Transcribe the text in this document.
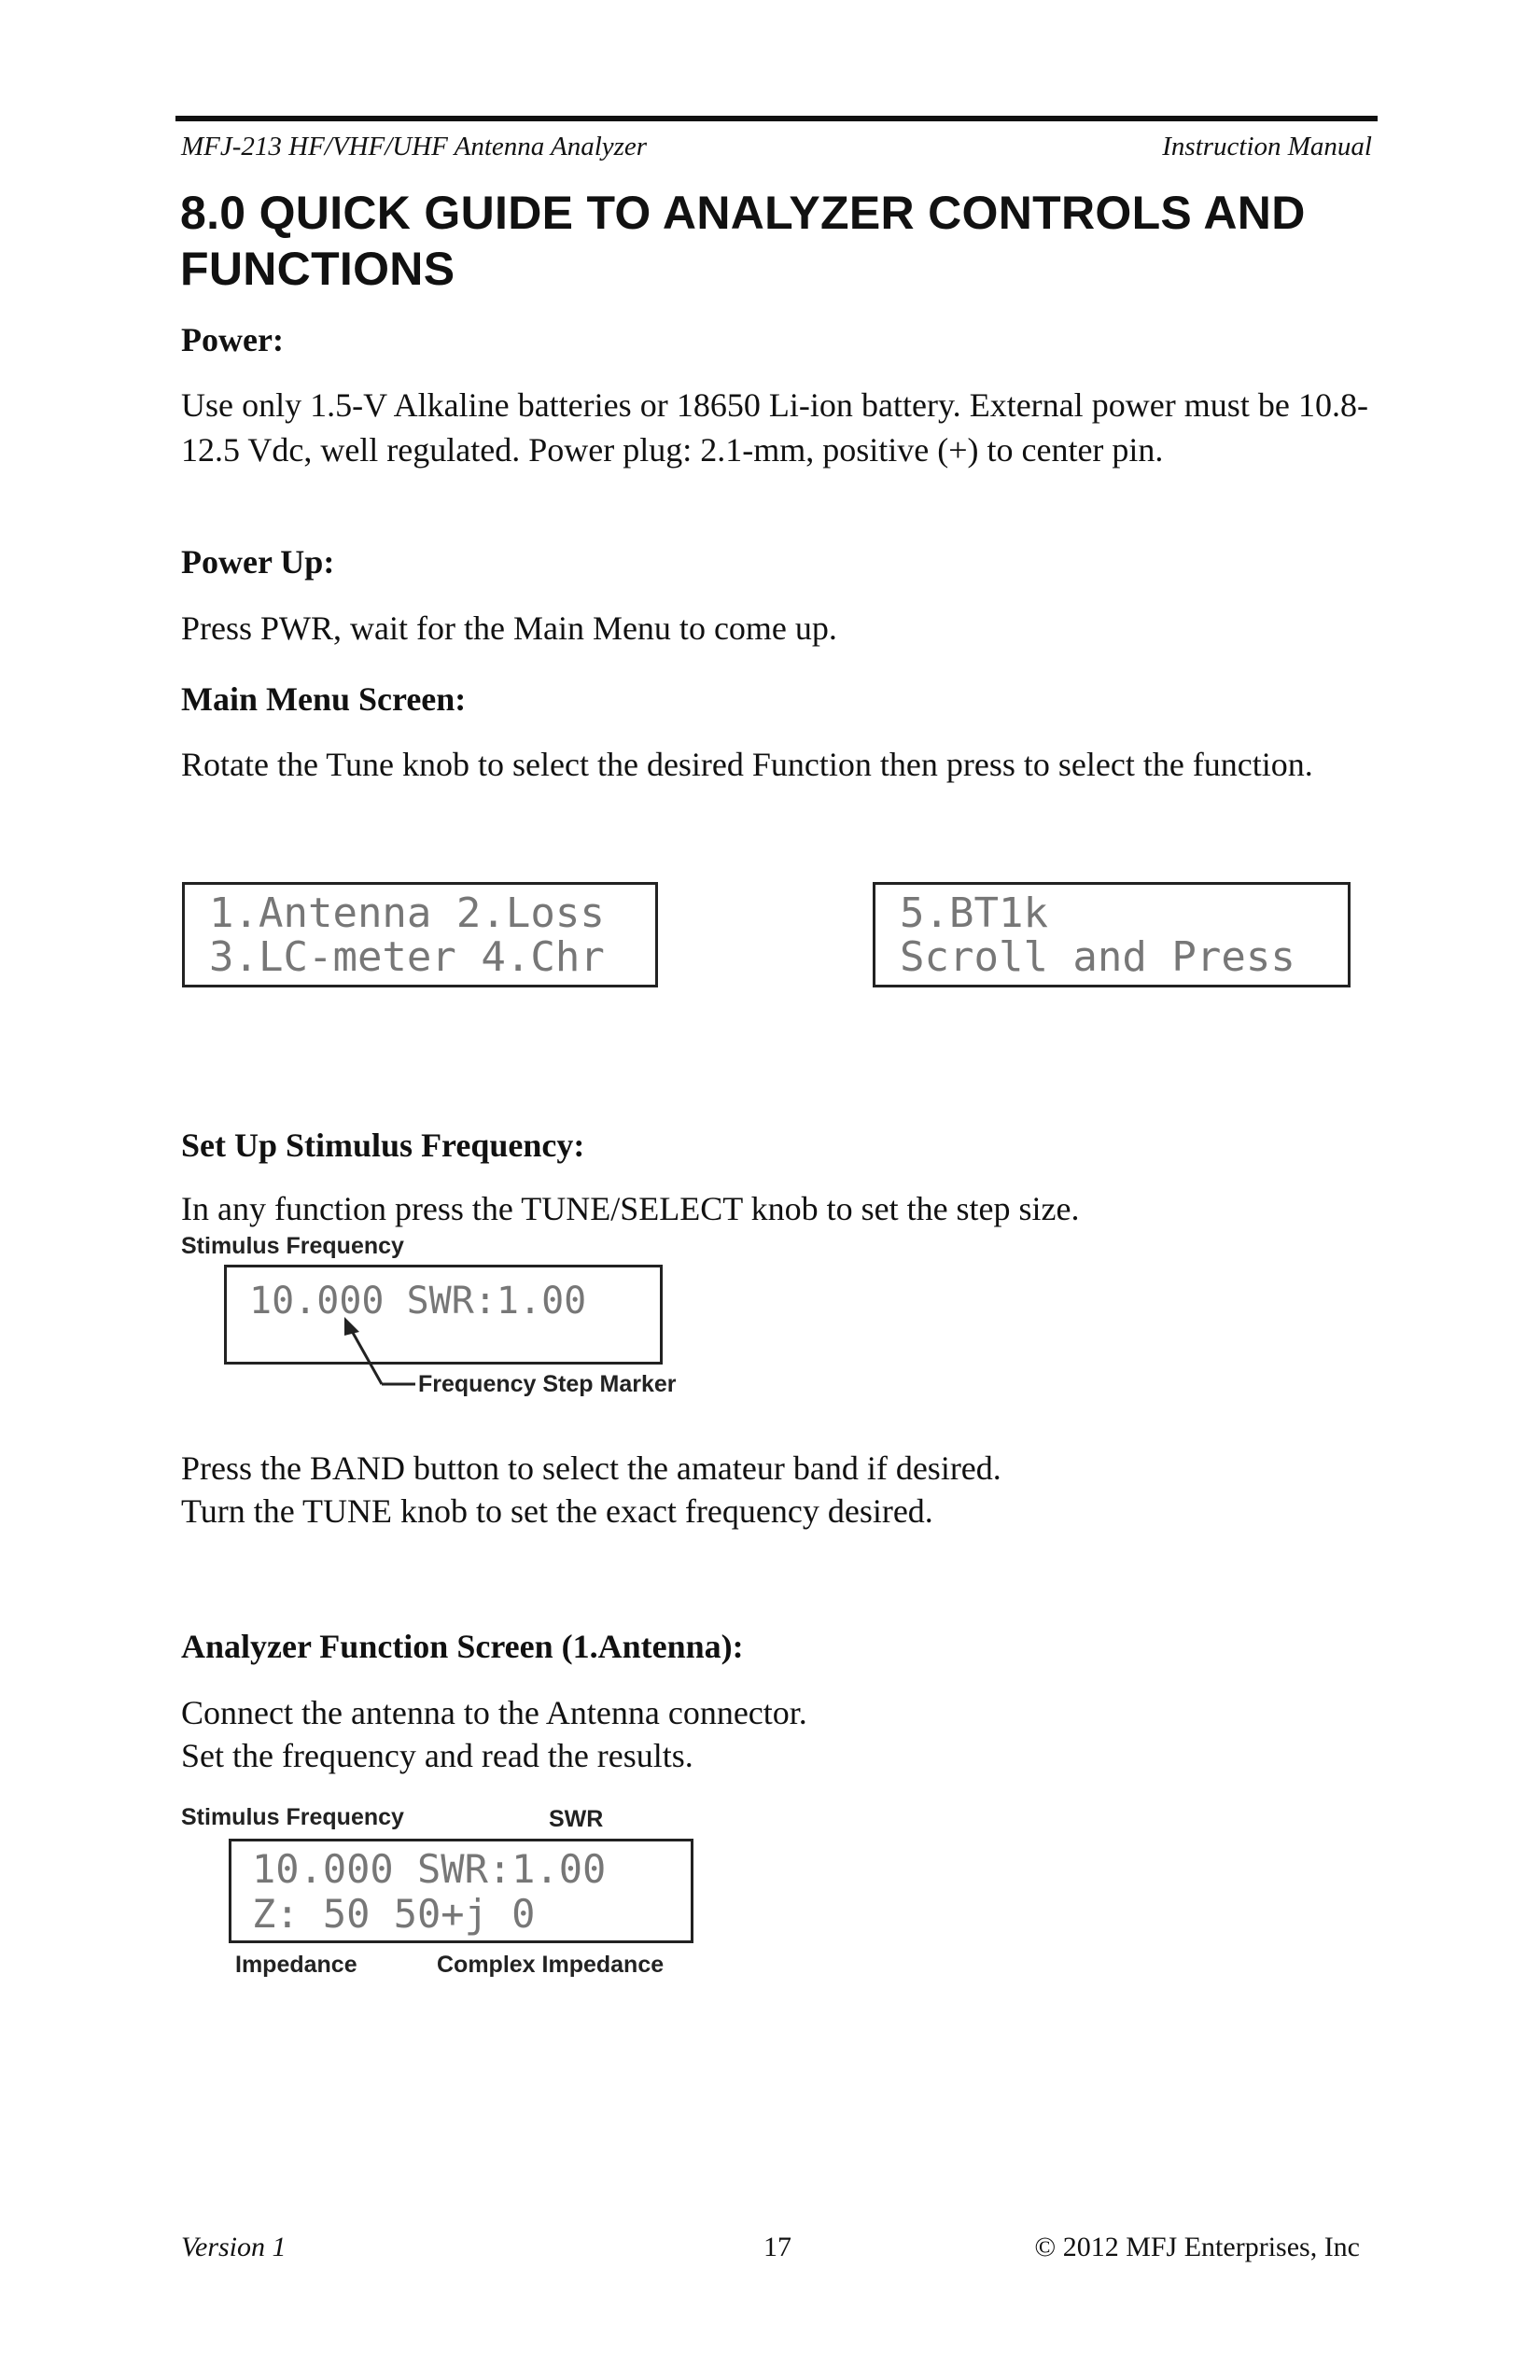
MFJ-213 HF/VHF/UHF Antenna Analyzer	Instruction Manual
8.0 QUICK GUIDE TO ANALYZER CONTROLS AND FUNCTIONS
Power:
Use only 1.5-V Alkaline batteries or 18650 Li-ion battery. External power must be 10.8-12.5 Vdc, well regulated. Power plug: 2.1-mm, positive (+) to center pin.
Power Up:
Press PWR, wait for the Main Menu to come up.
Main Menu Screen:
Rotate the Tune knob to select the desired Function then press to select the function.
1.Antenna 2.Loss
3.LC-meter 4.Chr
5.BT1k
Scroll and Press
Set Up Stimulus Frequency:
In any function press the TUNE/SELECT knob to set the step size.
Stimulus Frequency
10.000 SWR:1.00
Frequency Step Marker
Press the BAND button to select the amateur band if desired.
Turn the TUNE knob to set the exact frequency desired.
Analyzer Function Screen (1.Antenna):
Connect the antenna to the Antenna connector.
Set the frequency and read the results.
Stimulus Frequency	SWR
10.000 SWR:1.00
Z: 50 50+j 0
Impedance	Complex Impedance
Version 1	17	© 2012 MFJ Enterprises, Inc
